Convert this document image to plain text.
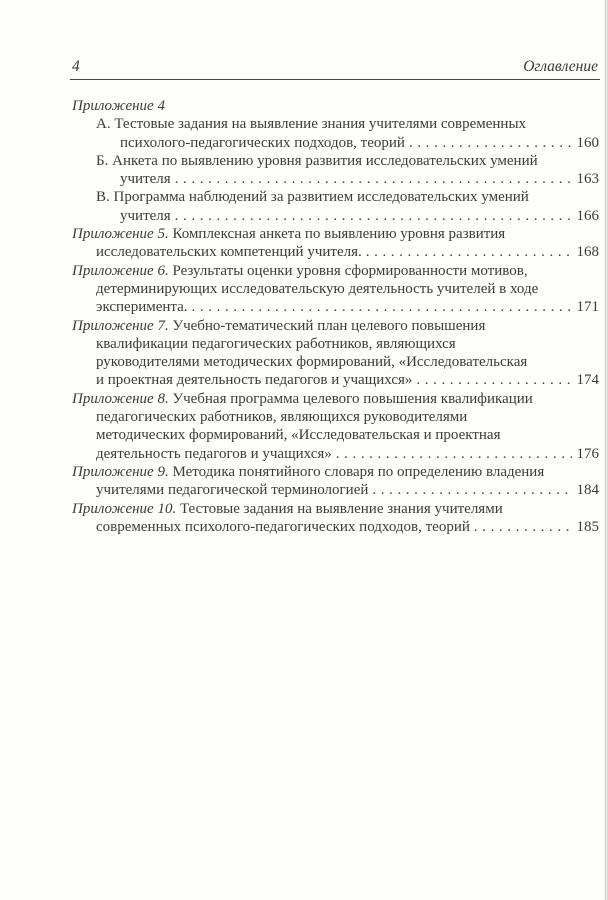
4	Оглавление
Приложение 4
А. Тестовые задания на выявление знания учителями современных
психолого-педагогических подходов, теорий .....	160
Б. Анкета по выявлению уровня развития исследовательских умений
учителя .....	163
В. Программа наблюдений за развитием исследовательских умений
учителя .....	166
Приложение 5. Комплексная анкета по выявлению уровня развития
исследовательских компетенций учителя. .....	168
Приложение 6. Результаты оценки уровня сформированности мотивов,
детерминирующих исследовательскую деятельность учителей в ходе
эксперимента. .....	171
Приложение 7. Учебно-тематический план целевого повышения
квалификации педагогических работников, являющихся
руководителями методических формирований, «Исследовательская
и проектная деятельность педагогов и учащихся» .....	174
Приложение 8. Учебная программа целевого повышения квалификации
педагогических работников, являющихся руководителями
методических формирований, «Исследовательская и проектная
деятельность педагогов и учащихся» .....	176
Приложение 9. Методика понятийного словаря по определению владения
учителями педагогической терминологией .....	184
Приложение 10. Тестовые задания на выявление знания учителями
современных психолого-педагогических подходов, теорий .....	185
